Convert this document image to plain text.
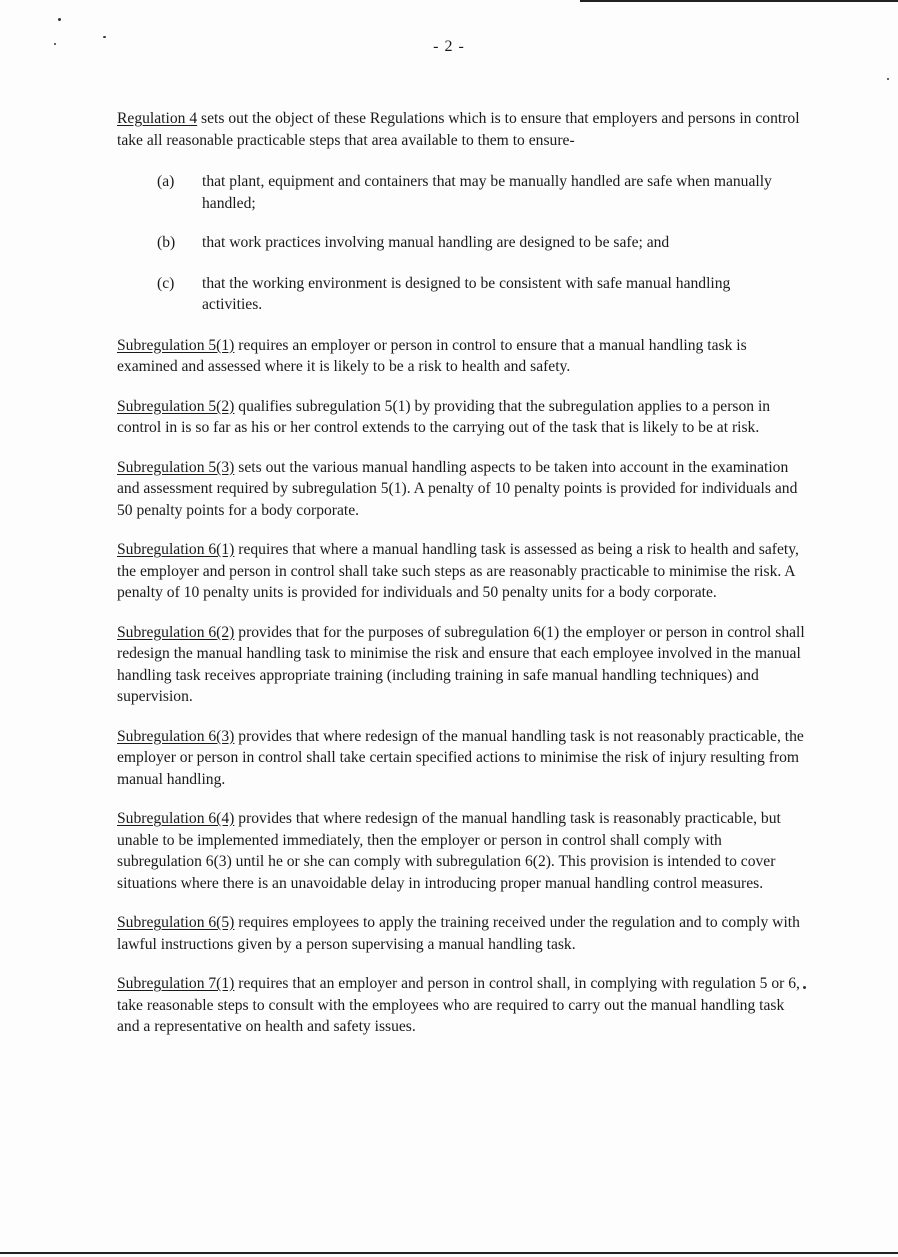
- 2 -

Regulation 4 sets out the object of these Regulations which is to ensure that employers and persons in control take all reasonable practicable steps that area available to them to ensure-

(a)	that plant, equipment and containers that may be manually handled are safe when manually handled;
(b)	that work practices involving manual handling are designed to be safe; and
(c)	that the working environment is designed to be consistent with safe manual handling activities.

Subregulation 5(1) requires an employer or person in control to ensure that a manual handling task is examined and assessed where it is likely to be a risk to health and safety.

Subregulation 5(2) qualifies subregulation 5(1) by providing that the subregulation applies to a person in control in is so far as his or her control extends to the carrying out of the task that is likely to be at risk.

Subregulation 5(3) sets out the various manual handling aspects to be taken into account in the examination and assessment required by subregulation 5(1). A penalty of 10 penalty points is provided for individuals and 50 penalty points for a body corporate.

Subregulation 6(1) requires that where a manual handling task is assessed as being a risk to health and safety, the employer and person in control shall take such steps as are reasonably practicable to minimise the risk. A penalty of 10 penalty units is provided for individuals and 50 penalty units for a body corporate.

Subregulation 6(2) provides that for the purposes of subregulation 6(1) the employer or person in control shall redesign the manual handling task to minimise the risk and ensure that each employee involved in the manual handling task receives appropriate training (including training in safe manual handling techniques) and supervision.

Subregulation 6(3) provides that where redesign of the manual handling task is not reasonably practicable, the employer or person in control shall take certain specified actions to minimise the risk of injury resulting from manual handling.

Subregulation 6(4) provides that where redesign of the manual handling task is reasonably practicable, but unable to be implemented immediately, then the employer or person in control shall comply with subregulation 6(3) until he or she can comply with subregulation 6(2). This provision is intended to cover situations where there is an unavoidable delay in introducing proper manual handling control measures.

Subregulation 6(5) requires employees to apply the training received under the regulation and to comply with lawful instructions given by a person supervising a manual handling task.

Subregulation 7(1) requires that an employer and person in control shall, in complying with regulation 5 or 6, take reasonable steps to consult with the employees who are required to carry out the manual handling task and a representative on health and safety issues.
